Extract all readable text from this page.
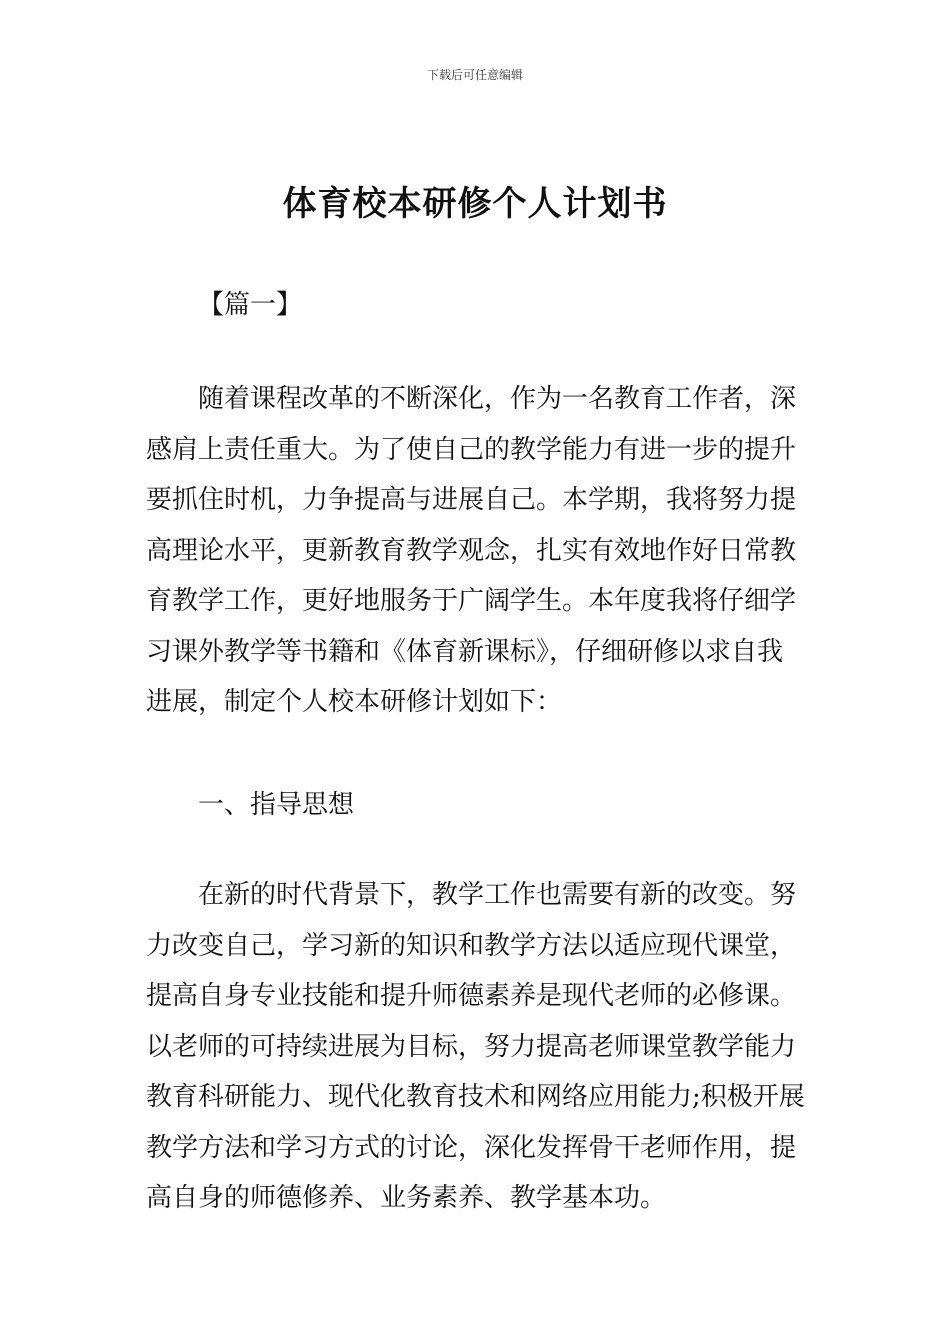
下载后可任意编辑
体育校本研修个人计划书
【篇一】
随着课程改革的不断深化，作为一名教育工作者，深
感肩上责任重大。为了使自己的教学能力有进一步的提升
要抓住时机，力争提高与进展自己。本学期，我将努力提
高理论水平，更新教育教学观念，扎实有效地作好日常教
育教学工作，更好地服务于广阔学生。本年度我将仔细学
习课外教学等书籍和《体育新课标》，仔细研修以求自我
进展，制定个人校本研修计划如下：
一、指导思想
在新的时代背景下，教学工作也需要有新的改变。努
力改变自己，学习新的知识和教学方法以适应现代课堂，
提高自身专业技能和提升师德素养是现代老师的必修课。
以老师的可持续进展为目标，努力提高老师课堂教学能力
教育科研能力、现代化教育技术和网络应用能力;积极开展
教学方法和学习方式的讨论，深化发挥骨干老师作用，提
高自身的师德修养、业务素养、教学基本功。
